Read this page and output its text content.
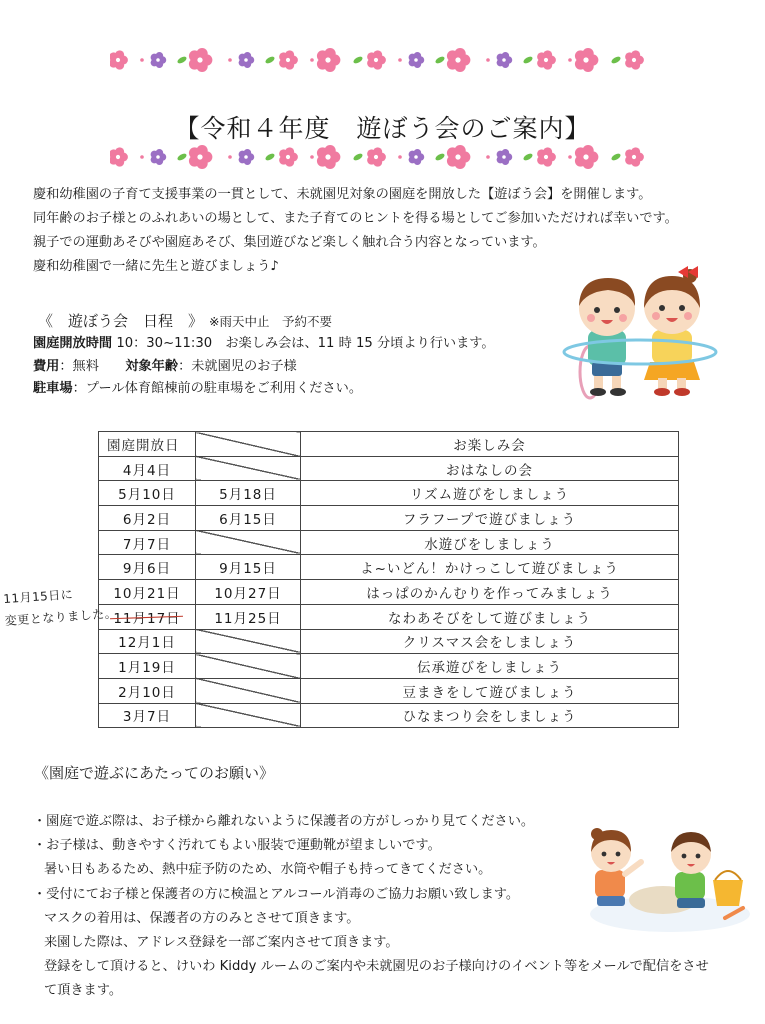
【令和４年度　遊ぼう会のご案内】

慶和幼稚園の子育て支援事業の一貫として、未就園児対象の園庭を開放した【遊ぼう会】を開催します。

同年齢のお子様とのふれあいの場として、また子育てのヒントを得る場としてご参加いただければ幸いです。

親子での運動あそびや園庭あそび、集団遊びなど楽しく触れ合う内容となっています。

慶和幼稚園で一緒に先生と遊びましょう♪

《　遊ぼう会　日程　》 ※雨天中止　予約不要

園庭開放時間 10：30~11:30　お楽しみ会は、11 時 15 分頃より行います。

費用：無料　　 対象年齢：未就園児のお子様

駐車場：プール体育館棟前の駐車場をご利用ください。

園庭開放日		お楽しみ会
4月4日		おはなしの会
5月10日	5月18日	リズム遊びをしましょう
6月2日	6月15日	フラフープで遊びましょう
7月7日		水遊びをしましょう
9月6日	9月15日	よ~いどん！かけっこして遊びましょう
10月21日	10月27日	はっぱのかんむりを作ってみましょう
11月17日	11月25日	なわあそびをして遊びましょう
12月1日		クリスマス会をしましょう
1月19日		伝承遊びをしましょう
2月10日		豆まきをして遊びましょう
3月7日		ひなまつり会をしましょう
11月15日に
変更となりました。
《園庭で遊ぶにあたってのお願い》

・園庭で遊ぶ際は、お子様から離れないように保護者の方がしっかり見てください。

・お子様は、動きやすく汚れてもよい服装で運動靴が望ましいです。

暑い日もあるため、熱中症予防のため、水筒や帽子も持ってきてください。

・受付にてお子様と保護者の方に検温とアルコール消毒のご協力お願い致します。

マスクの着用は、保護者の方のみとさせて頂きます。

来園した際は、アドレス登録を一部ご案内させて頂きます。

登録をして頂けると、けいわ Kiddy ルームのご案内や未就園児のお子様向けのイベント等をメールで配信をさせ

て頂きます。
